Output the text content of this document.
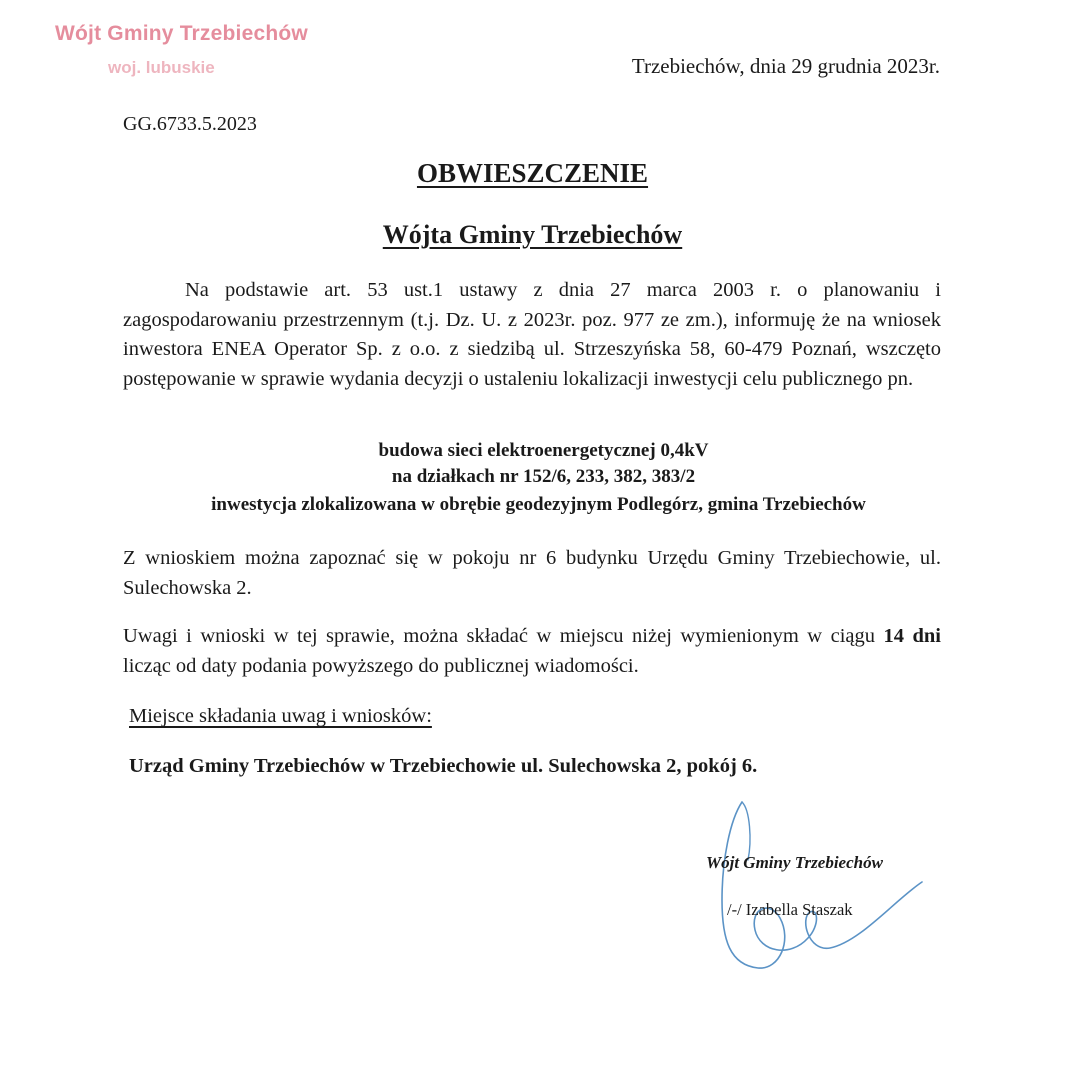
Wójt Gminy Trzebiechów
woj. lubuskie	Trzebiechów, dnia 29 grudnia 2023r.
GG.6733.5.2023
OBWIESZCZENIE
Wójta Gminy Trzebiechów
Na podstawie art. 53 ust.1 ustawy z dnia 27 marca 2003 r. o planowaniu i zagospodarowaniu przestrzennym (t.j. Dz. U. z 2023r. poz. 977 ze zm.), informuję że na wniosek inwestora ENEA Operator Sp. z o.o. z siedzibą ul. Strzeszyńska 58, 60-479 Poznań, wszczęto postępowanie w sprawie wydania decyzji o ustaleniu lokalizacji inwestycji celu publicznego pn.
budowa sieci elektroenergetycznej 0,4kV
na działkach nr 152/6, 233, 382, 383/2
inwestycja zlokalizowana w obrębie geodezyjnym Podlegórz, gmina Trzebiechów
Z wnioskiem można zapoznać się w pokoju nr 6 budynku Urzędu Gminy Trzebiechowie, ul. Sulechowska 2.
Uwagi i wnioski w tej sprawie, można składać w miejscu niżej wymienionym w ciągu 14 dni licząc od daty podania powyższego do publicznej wiadomości.
Miejsce składania uwag i wniosków:
Urząd Gminy Trzebiechów w Trzebiechowie ul. Sulechowska 2, pokój 6.
Wójt Gminy Trzebiechów
/-/ Izabella Staszak
